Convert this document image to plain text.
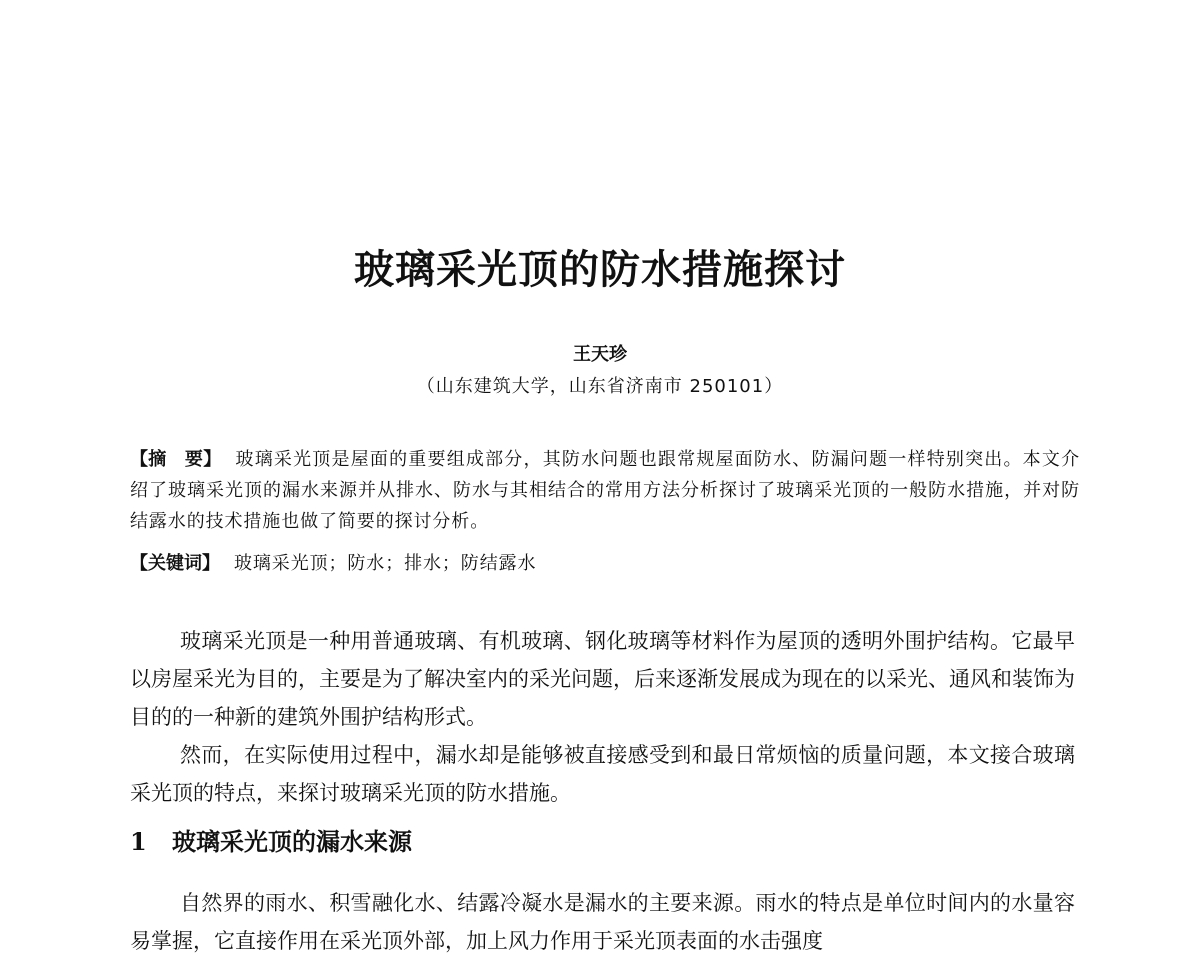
玻璃采光顶的防水措施探讨
王天珍
（山东建筑大学，山东省济南市 250101）
【摘　要】 玻璃采光顶是屋面的重要组成部分，其防水问题也跟常规屋面防水、防漏问题一样特别突出。本文介绍了玻璃采光顶的漏水来源并从排水、防水与其相结合的常用方法分析探讨了玻璃采光顶的一般防水措施，并对防结露水的技术措施也做了简要的探讨分析。
【关键词】 玻璃采光顶；防水；排水；防结露水

玻璃采光顶是一种用普通玻璃、有机玻璃、钢化玻璃等材料作为屋顶的透明外围护结构。它最早以房屋采光为目的，主要是为了解决室内的采光问题，后来逐渐发展成为现在的以采光、通风和装饰为目的的一种新的建筑外围护结构形式。

然而，在实际使用过程中，漏水却是能够被直接感受到和最日常烦恼的质量问题，本文接合玻璃采光顶的特点，来探讨玻璃采光顶的防水措施。

1 玻璃采光顶的漏水来源

自然界的雨水、积雪融化水、结露冷凝水是漏水的主要来源。雨水的特点是单位时间内的水量容易掌握，它直接作用在采光顶外部，加上风力作用于采光顶表面的水击强度
